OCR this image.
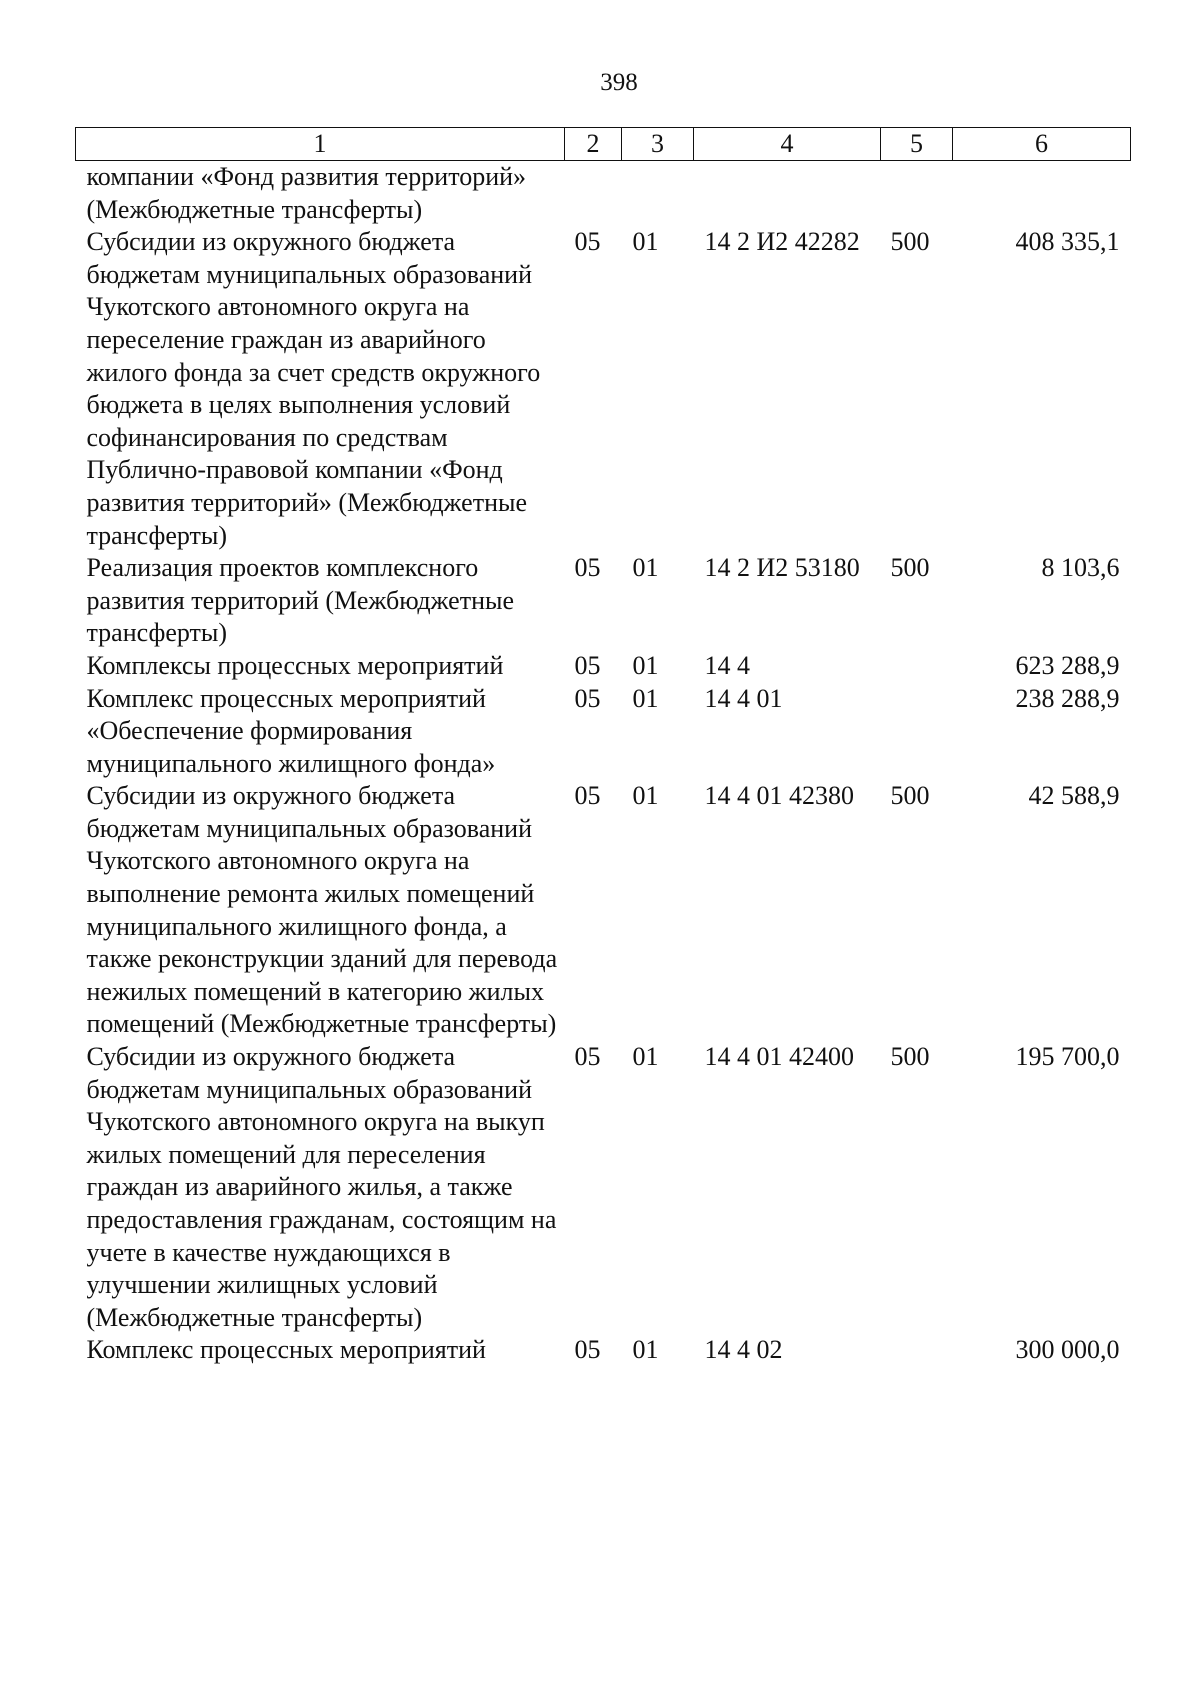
398
1	2	3	4	5	6
компании «Фонд развития территорий» (Межбюджетные трансферты)					
Субсидии из окружного бюджета бюджетам муниципальных образований Чукотского автономного округа на переселение граждан из аварийного жилого фонда за счет средств окружного бюджета в целях выполнения условий софинансирования по средствам Публично-правовой компании «Фонд развития территорий» (Межбюджетные трансферты)	05	01	14 2 И2 42282	500	408 335,1
Реализация проектов комплексного развития территорий (Межбюджетные трансферты)	05	01	14 2 И2 53180	500	8 103,6
Комплексы процессных мероприятий	05	01	14 4		623 288,9
Комплекс процессных мероприятий «Обеспечение формирования муниципального жилищного фонда»	05	01	14 4 01		238 288,9
Субсидии из окружного бюджета бюджетам муниципальных образований Чукотского автономного округа на выполнение ремонта жилых помещений муниципального жилищного фонда, а также реконструкции зданий для перевода нежилых помещений в категорию жилых помещений (Межбюджетные трансферты)	05	01	14 4 01 42380	500	42 588,9
Субсидии из окружного бюджета бюджетам муниципальных образований Чукотского автономного округа на выкуп жилых помещений для переселения граждан из аварийного жилья, а также предоставления гражданам, состоящим на учете в качестве нуждающихся в улучшении жилищных условий (Межбюджетные трансферты)	05	01	14 4 01 42400	500	195 700,0
Комплекс процессных мероприятий	05	01	14 4 02		300 000,0
